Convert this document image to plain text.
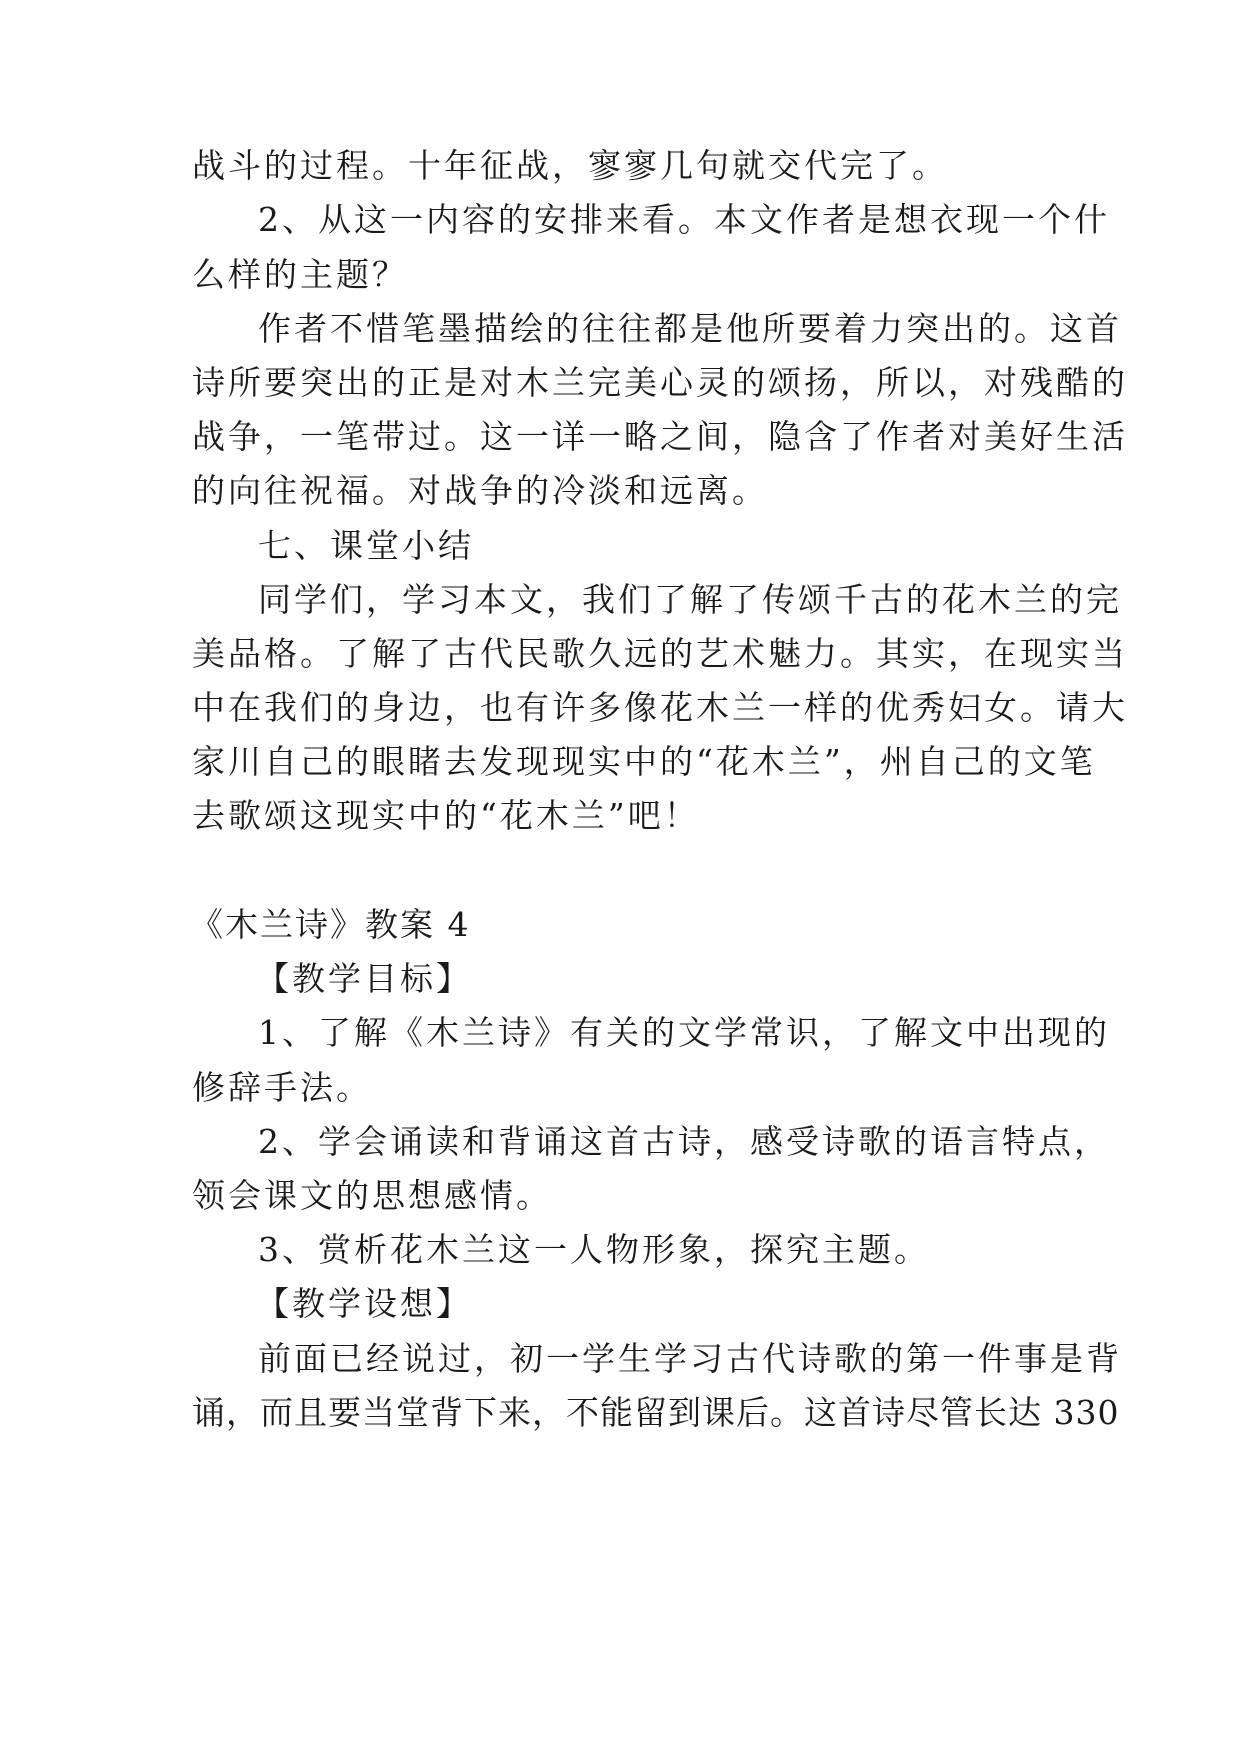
战斗的过程。十年征战，寥寥几句就交代完了。
2、从这一内容的安排来看。本文作者是想衣现一个什
么样的主题？
作者不惜笔墨描绘的往往都是他所要着力突出的。这首
诗所要突出的正是对木兰完美心灵的颂扬，所以，对残酷的
战争，一笔带过。这一详一略之间，隐含了作者对美好生活
的向往祝福。对战争的冷淡和远离。
七、课堂小结
同学们，学习本文，我们了解了传颂千古的花木兰的完
美品格。了解了古代民歌久远的艺术魅力。其实，在现实当
中在我们的身边，也有许多像花木兰一样的优秀妇女。请大
家川自己的眼睹去发现现实中的“花木兰”，州自己的文笔
去歌颂这现实中的“花木兰”吧！
《木兰诗》教案 4
【教学目标】
1、了解《木兰诗》有关的文学常识，了解文中出现的
修辞手法。
2、学会诵读和背诵这首古诗，感受诗歌的语言特点，
领会课文的思想感情。
3、赏析花木兰这一人物形象，探究主题。
【教学设想】
前面已经说过，初一学生学习古代诗歌的第一件事是背
诵，而且要当堂背下来，不能留到课后。这首诗尽管长达 330
